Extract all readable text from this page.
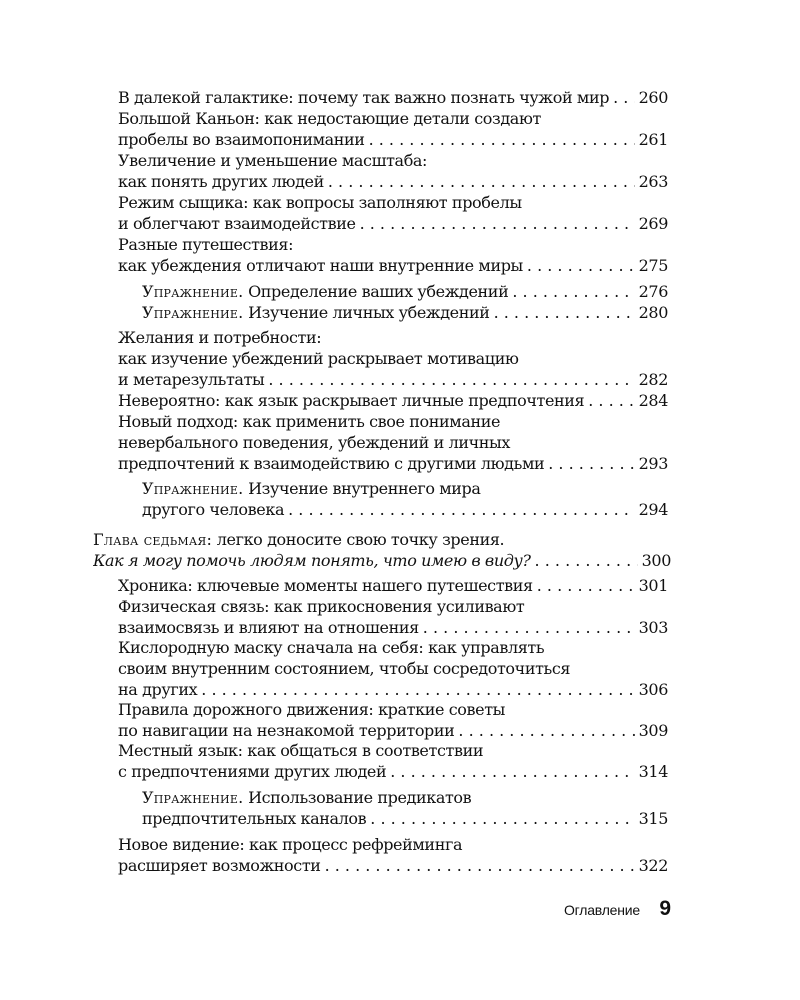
В далекой галактике: почему так важно познать чужой мир . . . 260
Большой Каньон: как недостающие детали создают
пробелы во взаимопонимании . . .	261
Увеличение и уменьшение масштаба:
как понять других людей . . .	263
Режим сыщика: как вопросы заполняют пробелы
и облегчают взаимодействие . . .	269
Разные путешествия:
как убеждения отличают наши внутренние миры . . .	275
Упражнение. Определение ваших убеждений . . .	276
Упражнение. Изучение личных убеждений . . .	280
Желания и потребности:
как изучение убеждений раскрывает мотивацию
и метарезультаты . . .	282
Невероятно: как язык раскрывает личные предпочтения . . .	284
Новый подход: как применить свое понимание
невербального поведения, убеждений и личных
предпочтений к взаимодействию с другими людьми . . .	293
Упражнение. Изучение внутреннего мира
другого человека . . .	294
Глава седьмая: легко доносите свою точку зрения.
Как я могу помочь людям понять, что имею в виду? . . .	300
Хроника: ключевые моменты нашего путешествия . . .	301
Физическая связь: как прикосновения усиливают
взаимосвязь и влияют на отношения . . .	303
Кислородную маску сначала на себя: как управлять
своим внутренним состоянием, чтобы сосредоточиться
на других . . .	306
Правила дорожного движения: краткие советы
по навигации на незнакомой территории . . .	309
Местный язык: как общаться в соответствии
с предпочтениями других людей . . .	314
Упражнение. Использование предикатов
предпочтительных каналов . . .	315
Новое видение: как процесс рефрейминга
расширяет возможности . . .	322
Оглавление 9
